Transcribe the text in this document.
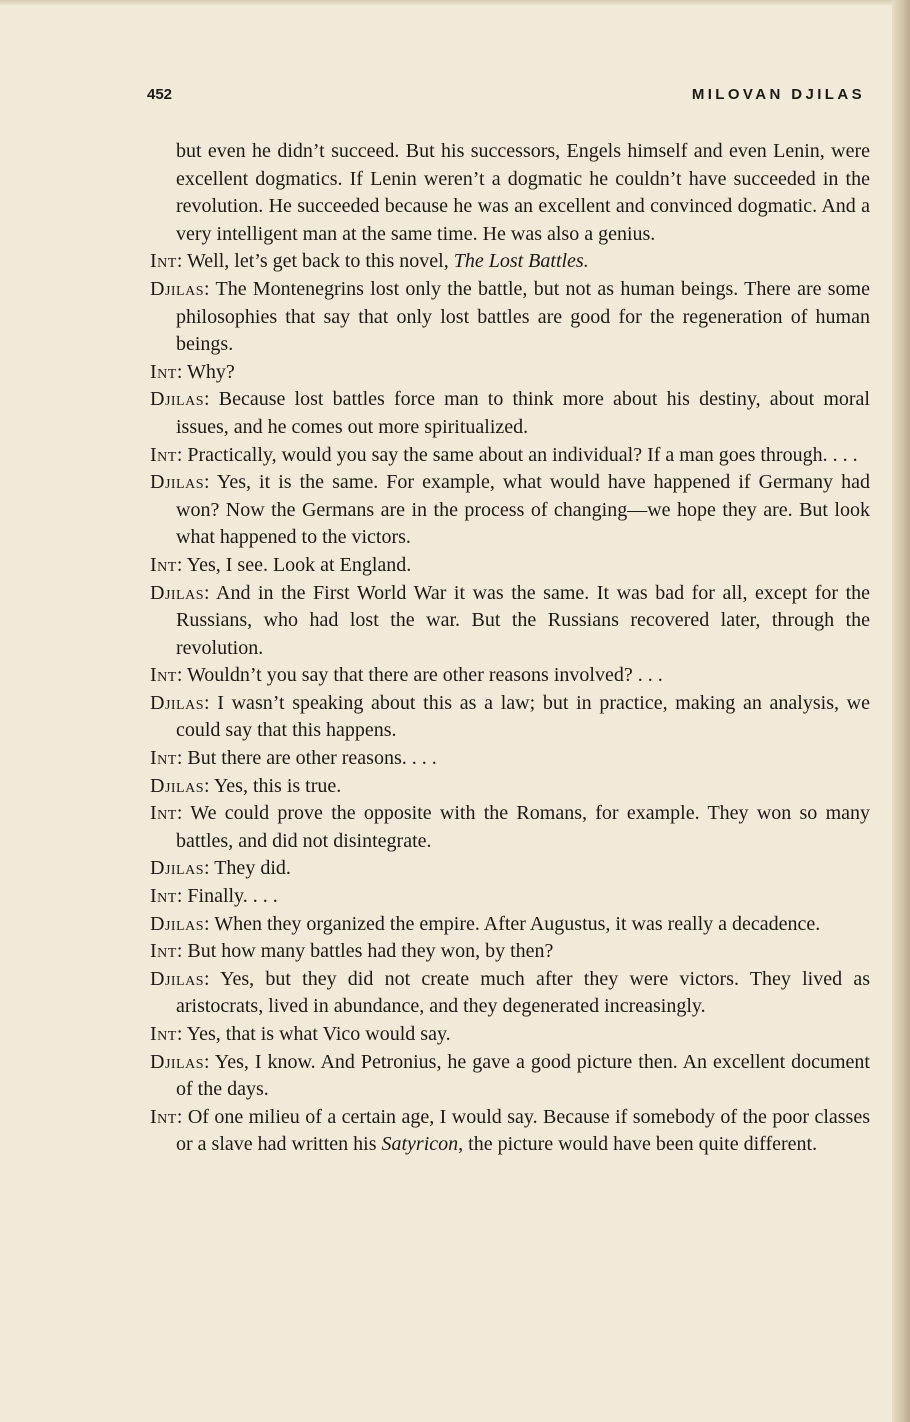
452	MILOVAN DJILAS

but even he didn’t succeed. But his successors, Engels himself and even Lenin, were excellent dogmatics. If Lenin weren’t a dogmatic he couldn’t have succeeded in the revolution. He succeeded because he was an excellent and convinced dogmatic. And a very intelligent man at the same time. He was also a genius.

Int: Well, let’s get back to this novel, The Lost Battles.

Djilas: The Montenegrins lost only the battle, but not as human beings. There are some philosophies that say that only lost battles are good for the regeneration of human beings.

Int: Why?

Djilas: Because lost battles force man to think more about his destiny, about moral issues, and he comes out more spiritualized.

Int: Practically, would you say the same about an individual? If a man goes through. . . .

Djilas: Yes, it is the same. For example, what would have happened if Germany had won? Now the Germans are in the process of changing—we hope they are. But look what happened to the victors.

Int: Yes, I see. Look at England.

Djilas: And in the First World War it was the same. It was bad for all, except for the Russians, who had lost the war. But the Russians recovered later, through the revolution.

Int: Wouldn’t you say that there are other reasons involved? . . .

Djilas: I wasn’t speaking about this as a law; but in practice, making an analysis, we could say that this happens.

Int: But there are other reasons. . . .

Djilas: Yes, this is true.

Int: We could prove the opposite with the Romans, for example. They won so many battles, and did not disintegrate.

Djilas: They did.

Int: Finally. . . .

Djilas: When they organized the empire. After Augustus, it was really a decadence.

Int: But how many battles had they won, by then?

Djilas: Yes, but they did not create much after they were victors. They lived as aristocrats, lived in abundance, and they degenerated increasingly.

Int: Yes, that is what Vico would say.

Djilas: Yes, I know. And Petronius, he gave a good picture then. An excellent document of the days.

Int: Of one milieu of a certain age, I would say. Because if somebody of the poor classes or a slave had written his Satyricon, the picture would have been quite different.
